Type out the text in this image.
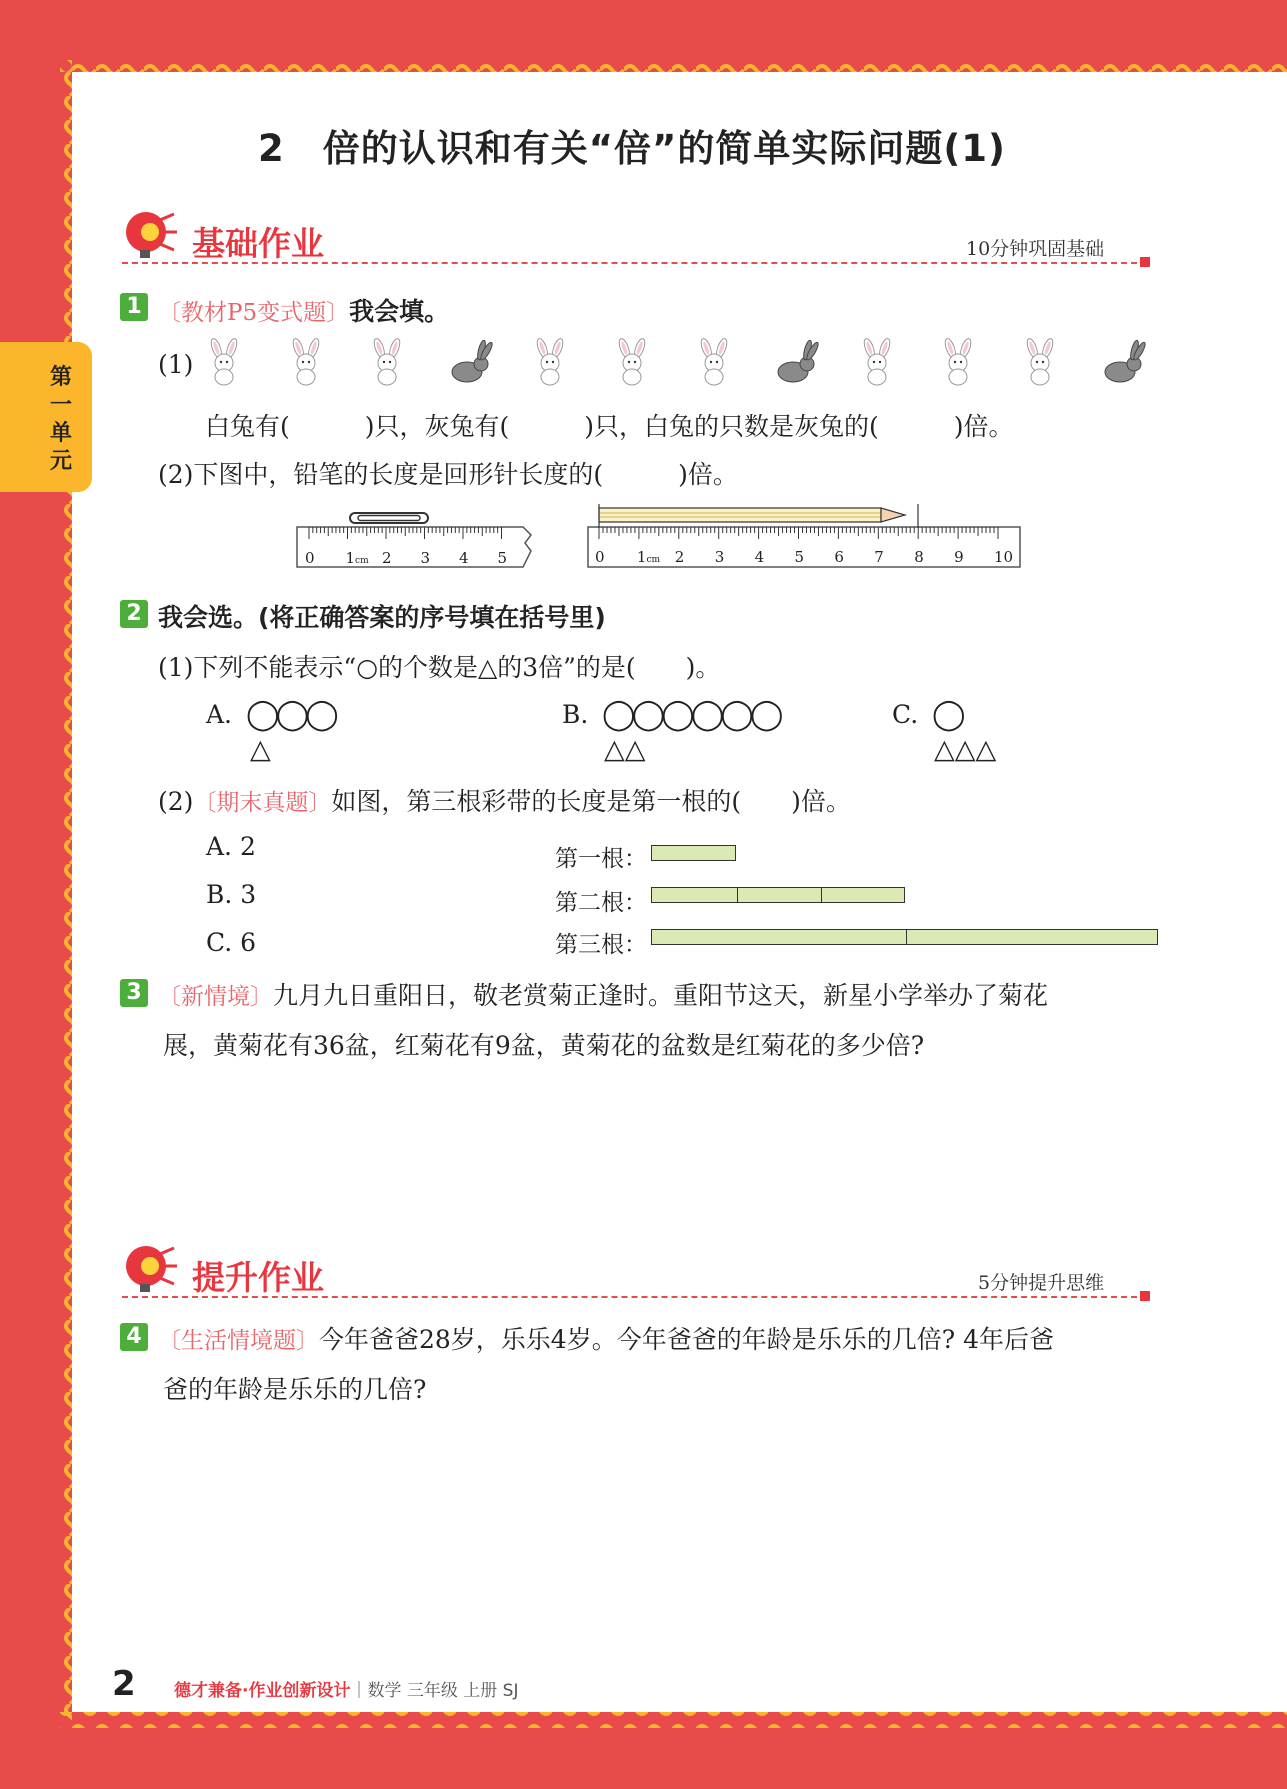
第一单元
2　倍的认识和有关“倍”的简单实际问题(1)
基础作业	10分钟巩固基础
1 〔教材P5变式题〕我会填。
(1)
白兔有(　　　)只，灰兔有(　　　)只，白兔的只数是灰兔的(　　　)倍。
(2)下图中，铅笔的长度是回形针长度的(　　　)倍。
0 1cm 2 3 4 5	0 1cm 2 3 4 5 6 7 8 9 10
2 我会选。(将正确答案的序号填在括号里)
(1)下列不能表示“○的个数是△的3倍”的是(　　)。
A. ◯◯◯
△
B. ◯◯◯◯◯◯
△△
C. ◯
△△△
(2)〔期末真题〕如图，第三根彩带的长度是第一根的(　　)倍。
A. 2
B. 3
C. 6
第一根：
第二根：
第三根：
3 〔新情境〕九月九日重阳日，敬老赏菊正逢时。重阳节这天，新星小学举办了菊花
展，黄菊花有36盆，红菊花有9盆，黄菊花的盆数是红菊花的多少倍?
提升作业	5分钟提升思维
4 〔生活情境题〕今年爸爸28岁，乐乐4岁。今年爸爸的年龄是乐乐的几倍? 4年后爸
爸的年龄是乐乐的几倍?
2 德才兼备·作业创新设计｜数学 三年级 上册 SJ
